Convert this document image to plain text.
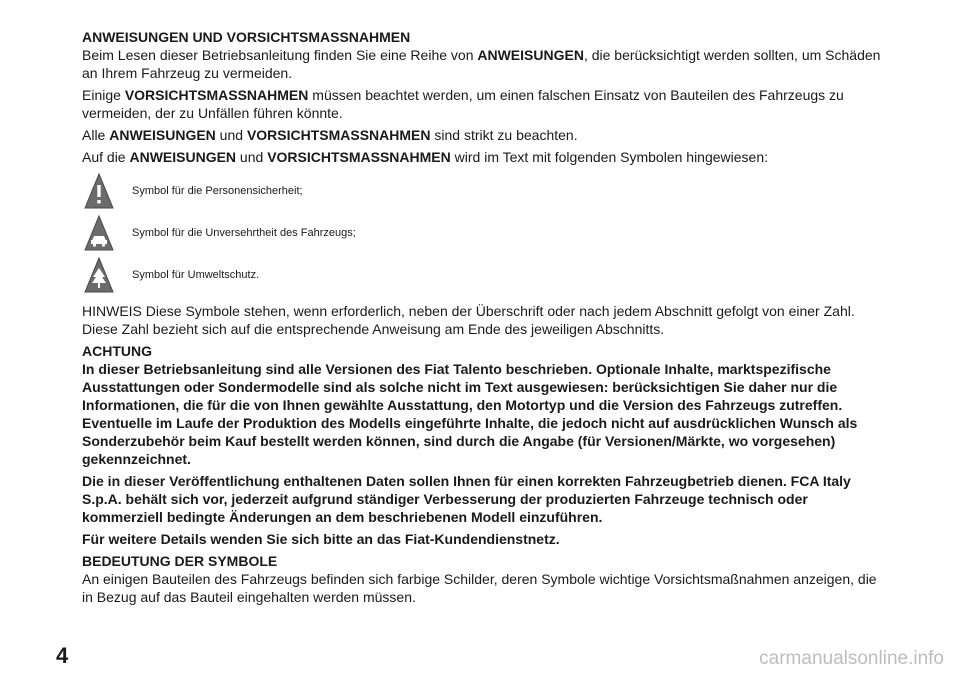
ANWEISUNGEN UND VORSICHTSMASSNAHMEN

Beim Lesen dieser Betriebsanleitung finden Sie eine Reihe von ANWEISUNGEN, die berücksichtigt werden sollten, um Schäden an Ihrem Fahrzeug zu vermeiden.

Einige VORSICHTSMASSNAHMEN müssen beachtet werden, um einen falschen Einsatz von Bauteilen des Fahrzeugs zu vermeiden, der zu Unfällen führen könnte.

Alle ANWEISUNGEN und VORSICHTSMASSNAHMEN sind strikt zu beachten.

Auf die ANWEISUNGEN und VORSICHTSMASSNAHMEN wird im Text mit folgenden Symbolen hingewiesen:

Symbol für die Personensicherheit;
Symbol für die Unversehrtheit des Fahrzeugs;
Symbol für Umweltschutz.

HINWEIS Diese Symbole stehen, wenn erforderlich, neben der Überschrift oder nach jedem Abschnitt gefolgt von einer Zahl. Diese Zahl bezieht sich auf die entsprechende Anweisung am Ende des jeweiligen Abschnitts.

ACHTUNG

In dieser Betriebsanleitung sind alle Versionen des Fiat Talento beschrieben. Optionale Inhalte, marktspezifische Ausstattungen oder Sondermodelle sind als solche nicht im Text ausgewiesen: berücksichtigen Sie daher nur die Informationen, die für die von Ihnen gewählte Ausstattung, den Motortyp und die Version des Fahrzeugs zutreffen. Eventuelle im Laufe der Produktion des Modells eingeführte Inhalte, die jedoch nicht auf ausdrücklichen Wunsch als Sonderzubehör beim Kauf bestellt werden können, sind durch die Angabe (für Versionen/Märkte, wo vorgesehen) gekennzeichnet.

Die in dieser Veröffentlichung enthaltenen Daten sollen Ihnen für einen korrekten Fahrzeugbetrieb dienen. FCA Italy S.p.A. behält sich vor, jederzeit aufgrund ständiger Verbesserung der produzierten Fahrzeuge technisch oder kommerziell bedingte Änderungen an dem beschriebenen Modell einzuführen.

Für weitere Details wenden Sie sich bitte an das Fiat-Kundendienstnetz.

BEDEUTUNG DER SYMBOLE

An einigen Bauteilen des Fahrzeugs befinden sich farbige Schilder, deren Symbole wichtige Vorsichtsmaßnahmen anzeigen, die in Bezug auf das Bauteil eingehalten werden müssen.

4	carmanualsonline.info
